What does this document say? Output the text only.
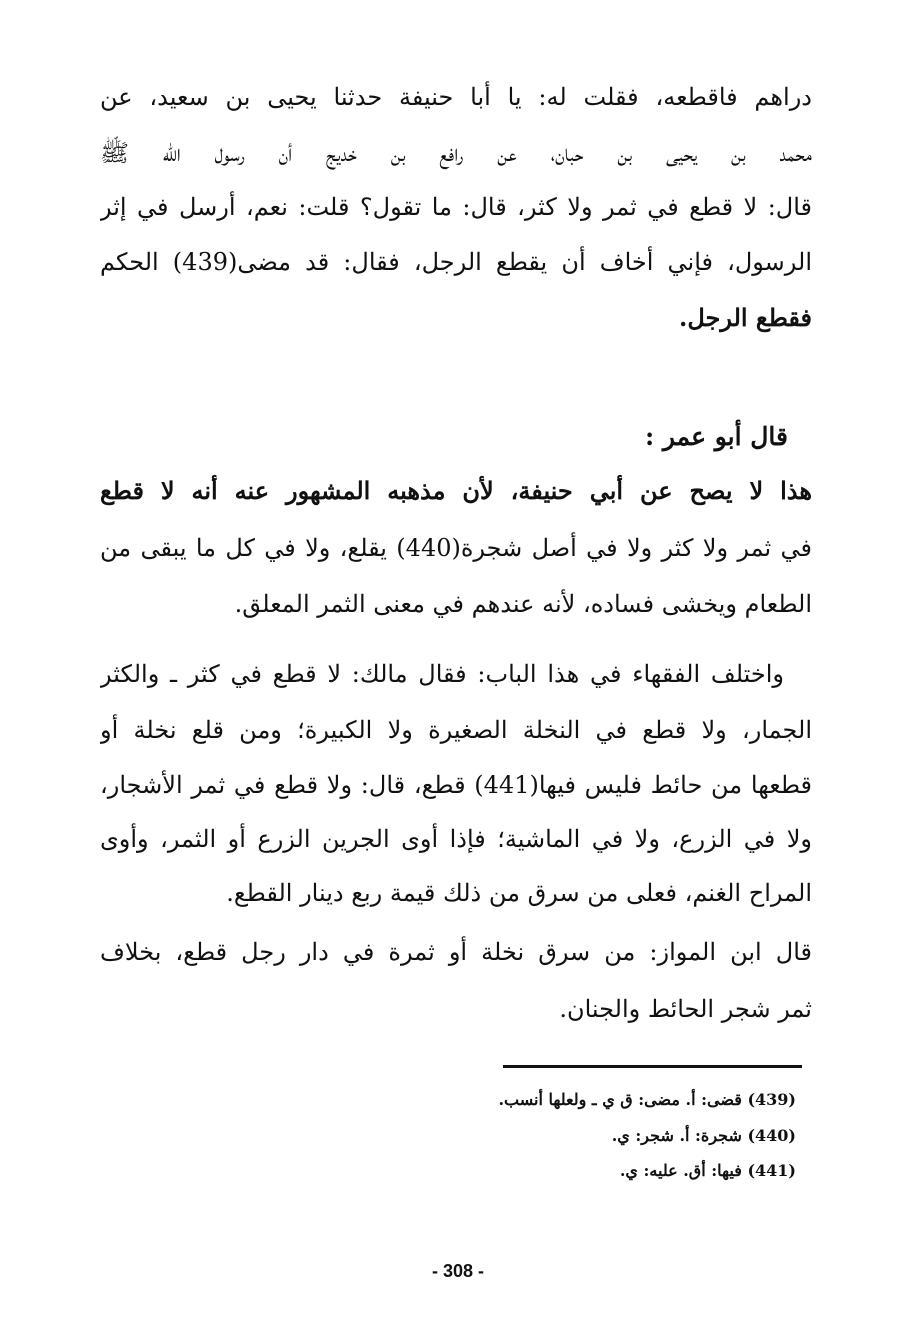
دراهم فاقطعه، فقلت له: يا أبا حنيفة حدثنا يحيى بن سعيد، عن
محمد بن يحيى بن حبان، عن رافع بن خديج أن رسول الله ﷺ
قال: لا قطع في ثمر ولا كثر، قال: ما تقول؟ قلت: نعم، أرسل في إثر
الرسول، فإني أخاف أن يقطع الرجل، فقال: قد مضى(439) الحكم
فقطع الرجل.
قال أبو عمر :
هذا لا يصح عن أبي حنيفة، لأن مذهبه المشهور عنه أنه لا قطع
في ثمر ولا كثر ولا في أصل شجرة(440) يقلع، ولا في كل ما يبقى من
الطعام ويخشى فساده، لأنه عندهم في معنى الثمر المعلق.
واختلف الفقهاء في هذا الباب: فقال مالك: لا قطع في كثر ـ والكثر
الجمار، ولا قطع في النخلة الصغيرة ولا الكبيرة؛ ومن قلع نخلة أو
قطعها من حائط فليس فيها(441) قطع، قال: ولا قطع في ثمر الأشجار،
ولا في الزرع، ولا في الماشية؛ فإذا أوى الجرين الزرع أو الثمر، وأوى
المراح الغنم، فعلى من سرق من ذلك قيمة ربع دينار القطع.
قال ابن المواز: من سرق نخلة أو ثمرة في دار رجل قطع، بخلاف
ثمر شجر الحائط والجنان.
(439) قضى: أ. مضى: ق ي ـ ولعلها أنسب.
(440) شجرة: أ. شجر: ي.
(441) فيها: أق. عليه: ي.
- 308 -
